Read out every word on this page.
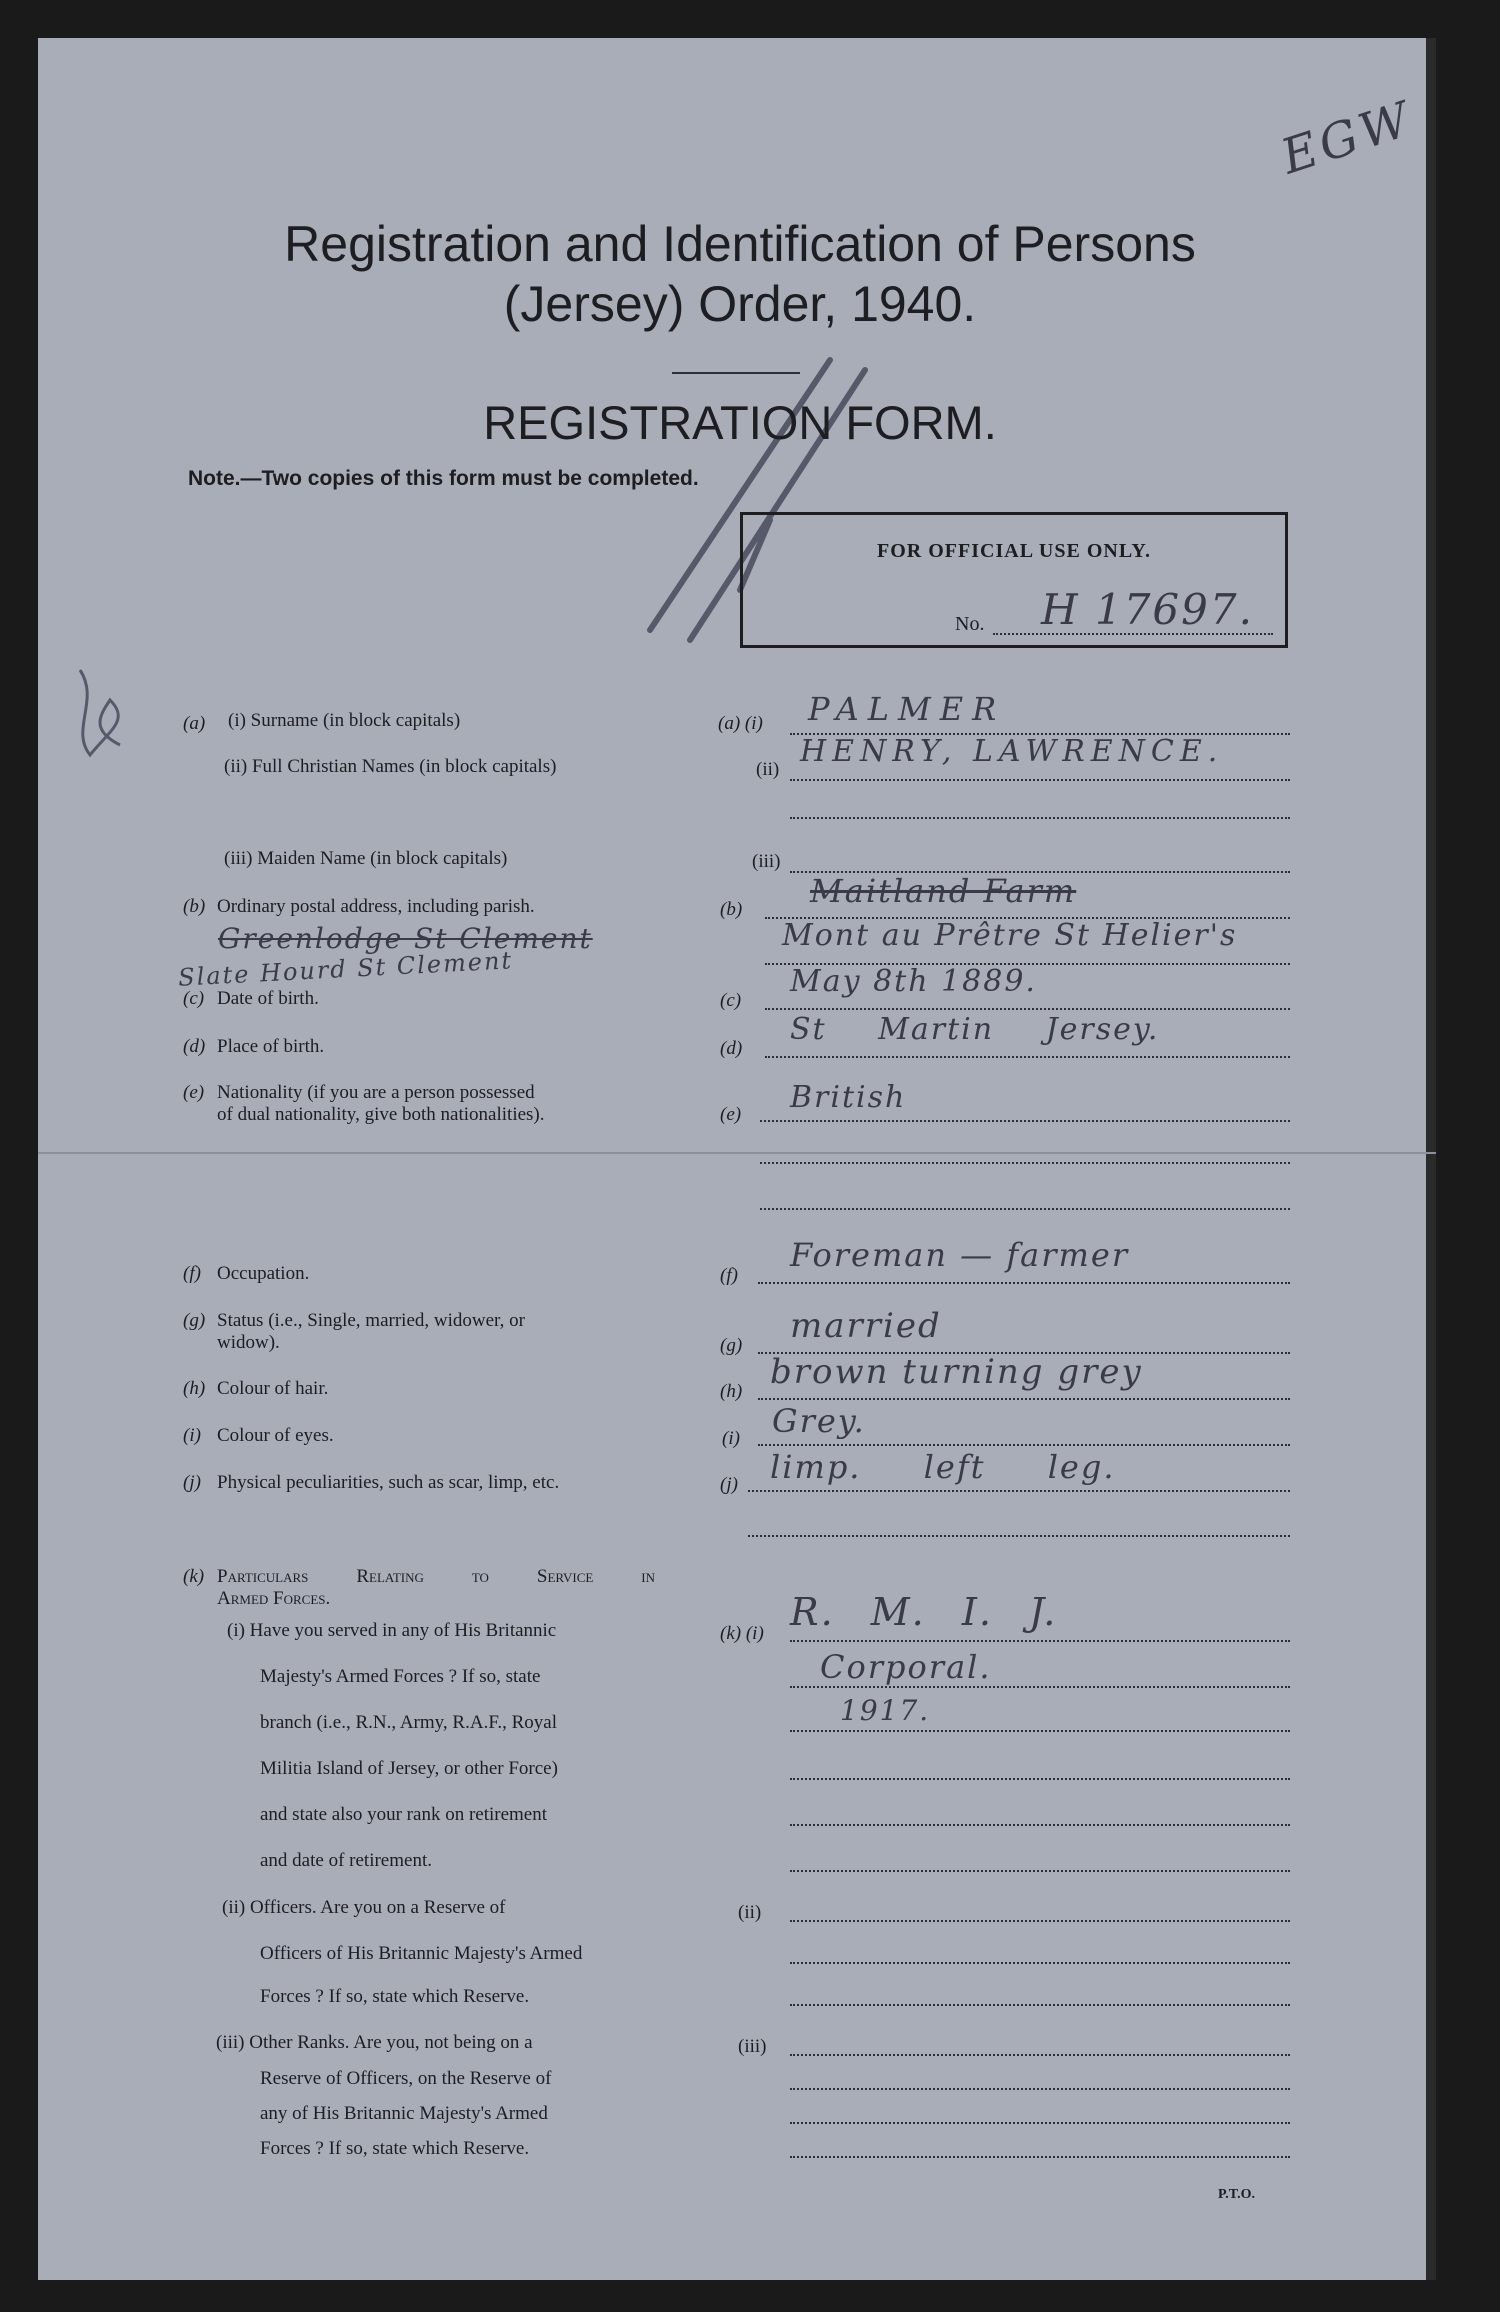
EGW
Registration and Identification of Persons
(Jersey) Order, 1940.
REGISTRATION FORM.
Note.—Two copies of this form must be completed.
FOR OFFICIAL USE ONLY.
No. H 17697.
(a) (i) Surname (in block capitals)
(ii) Full Christian Names (in block capitals)
(iii) Maiden Name (in block capitals)
(b) Ordinary postal address, including parish.
Greenlodge St Clement
Slate Hourd St Clement
(c) Date of birth.
(d) Place of birth.
(e) Nationality (if you are a person possessed
of dual nationality, give both nationalities).
(f) Occupation.
(g) Status (i.e., Single, married, widower, or
widow).
(h) Colour of hair.
(i) Colour of eyes.
(j) Physical peculiarities, such as scar, limp, etc.
(k) Particulars Relating to Service in
Armed Forces.
(i) Have you served in any of His Britannic
Majesty's Armed Forces ? If so, state
branch (i.e., R.N., Army, R.A.F., Royal
Militia Island of Jersey, or other Force)
and state also your rank on retirement
and date of retirement.
(ii) Officers. Are you on a Reserve of
Officers of His Britannic Majesty's Armed
Forces ? If so, state which Reserve.
(iii) Other Ranks. Are you, not being on a
Reserve of Officers, on the Reserve of
any of His Britannic Majesty's Armed
Forces ? If so, state which Reserve.
(a) (i) PALMER
(ii)
HENRY, LAWRENCE.
(iii)
(b) Maitland Farm
Mont au Prêtre St Helier's
(c)
May 8th 1889.
(d)
St Martin Jersey.
(e) British
(f)
Foreman — farmer
(g) married
(h) brown turning grey
(i) Grey.
(j) limp. left leg.
(k) (i) R. M. I. J.
Corporal.
1917.
(ii)
(iii)
P.T.O.
